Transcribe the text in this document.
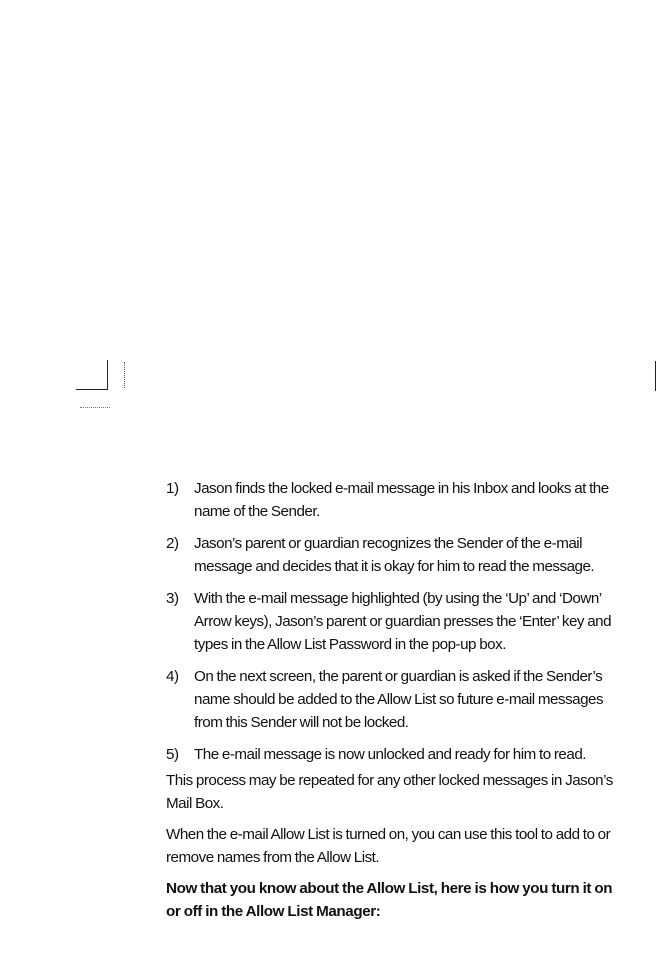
1) Jason finds the locked e-mail message in his Inbox and looks at the name of the Sender.
2) Jason’s parent or guardian recognizes the Sender of the e-mail message and decides that it is okay for him to read the message.
3) With the e-mail message highlighted (by using the ‘Up’ and ‘Down’ Arrow keys), Jason’s parent or guardian presses the ‘Enter’ key and types in the Allow List Password in the pop-up box.
4) On the next screen, the parent or guardian is asked if the Sender’s name should be added to the Allow List so future e-mail messages from this Sender will not be locked.
5) The e-mail message is now unlocked and ready for him to read.

This process may be repeated for any other locked messages in Jason’s Mail Box.

When the e-mail Allow List is turned on, you can use this tool to add to or remove names from the Allow List.

Now that you know about the Allow List, here is how you turn it on or off in the Allow List Manager:
